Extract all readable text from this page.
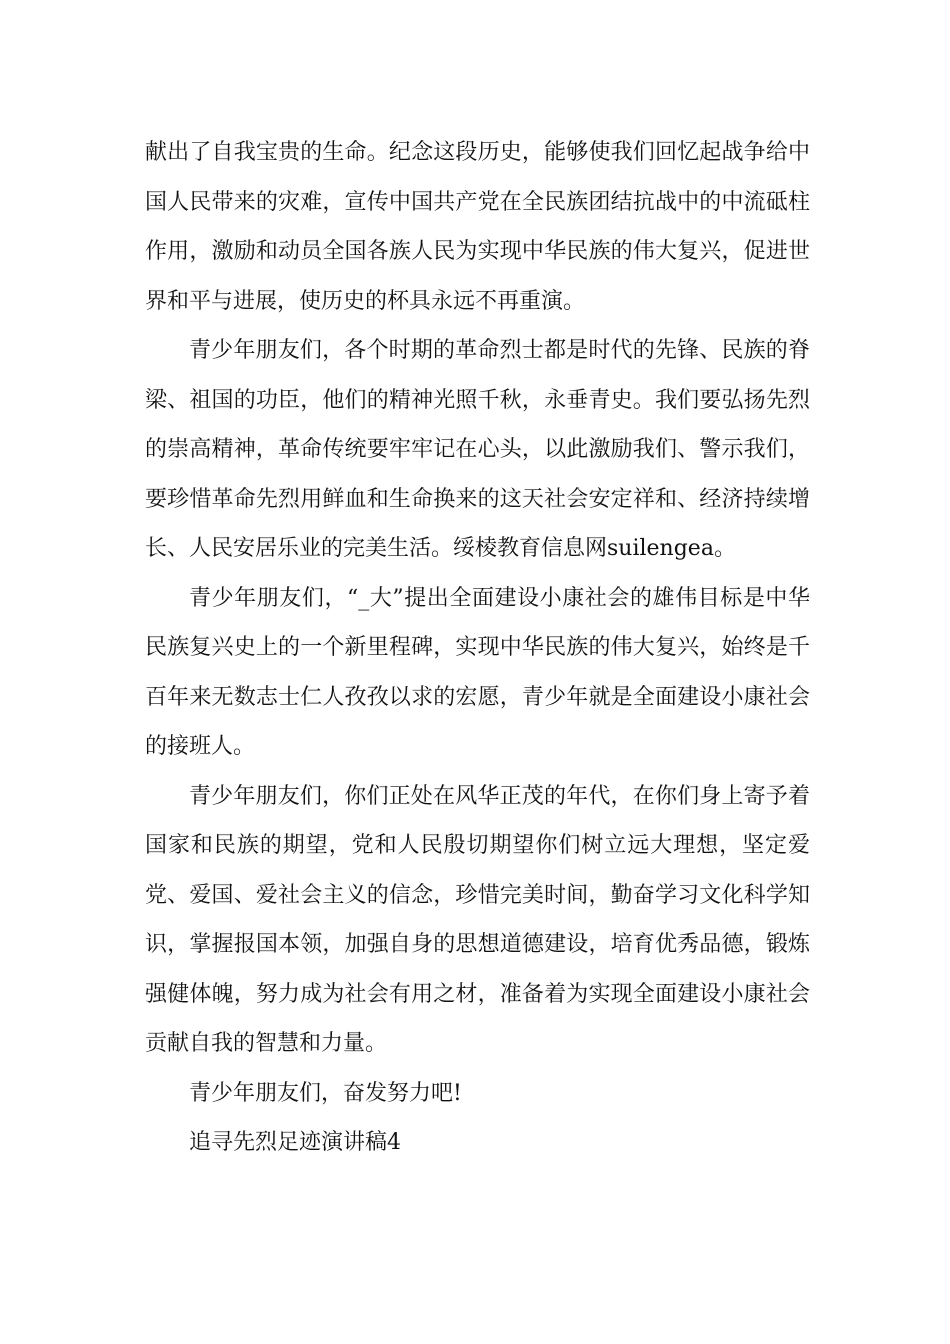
献出了自我宝贵的生命。纪念这段历史，能够使我们回忆起战争给中国人民带来的灾难，宣传中国共产党在全民族团结抗战中的中流砥柱作用，激励和动员全国各族人民为实现中华民族的伟大复兴，促进世界和平与进展，使历史的杯具永远不再重演。

青少年朋友们，各个时期的革命烈士都是时代的先锋、民族的脊梁、祖国的功臣，他们的精神光照千秋，永垂青史。我们要弘扬先烈的崇高精神，革命传统要牢牢记在心头，以此激励我们、警示我们，要珍惜革命先烈用鲜血和生命换来的这天社会安定祥和、经济持续增长、人民安居乐业的完美生活。绥棱教育信息网suilengea。

青少年朋友们，“_大”提出全面建设小康社会的雄伟目标是中华民族复兴史上的一个新里程碑，实现中华民族的伟大复兴，始终是千百年来无数志士仁人孜孜以求的宏愿，青少年就是全面建设小康社会的接班人。

青少年朋友们，你们正处在风华正茂的年代，在你们身上寄予着国家和民族的期望，党和人民殷切期望你们树立远大理想，坚定爱党、爱国、爱社会主义的信念，珍惜完美时间，勤奋学习文化科学知识，掌握报国本领，加强自身的思想道德建设，培育优秀品德，锻炼强健体魄，努力成为社会有用之材，准备着为实现全面建设小康社会贡献自我的智慧和力量。

青少年朋友们，奋发努力吧!

追寻先烈足迹演讲稿4
